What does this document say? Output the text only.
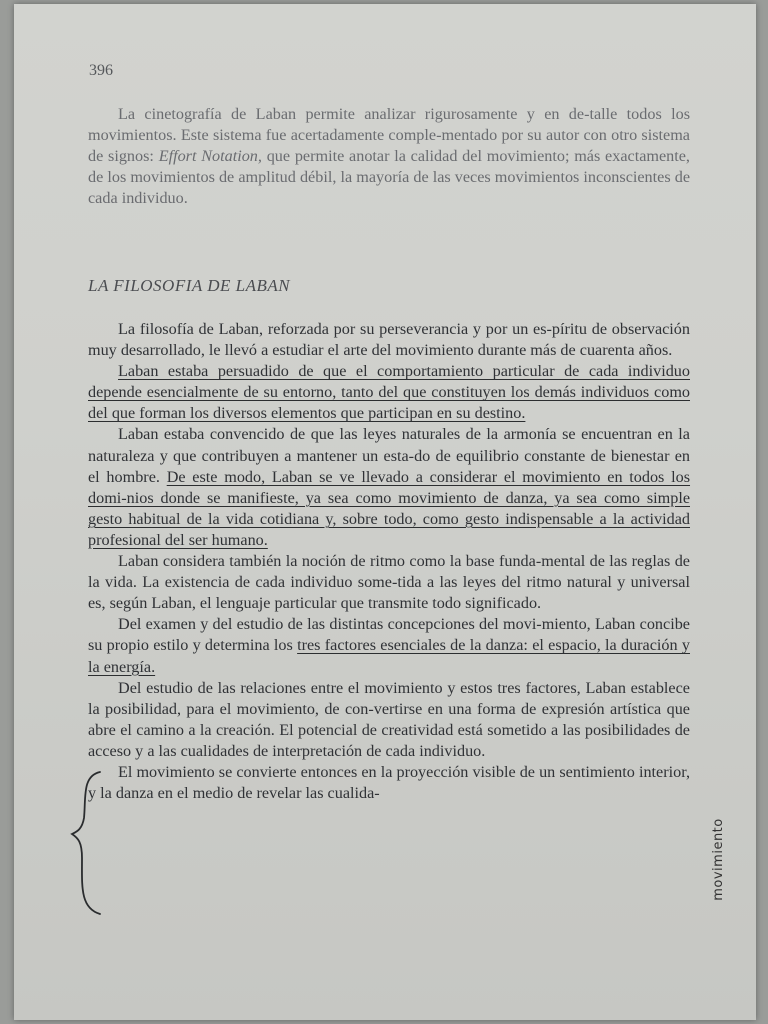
396

La cinetografía de Laban permite analizar rigurosamente y en de-talle todos los movimientos. Este sistema fue acertadamente comple-mentado por su autor con otro sistema de signos: Effort Notation, que permite anotar la calidad del movimiento; más exactamente, de los movimientos de amplitud débil, la mayoría de las veces movimientos inconscientes de cada individuo.

LA FILOSOFIA DE LABAN

La filosofía de Laban, reforzada por su perseverancia y por un es-píritu de observación muy desarrollado, le llevó a estudiar el arte del movimiento durante más de cuarenta años.

Laban estaba persuadido de que el comportamiento particular de cada individuo depende esencialmente de su entorno, tanto del que constituyen los demás individuos como del que forman los diversos elementos que participan en su destino.

Laban estaba convencido de que las leyes naturales de la armonía se encuentran en la naturaleza y que contribuyen a mantener un esta-do de equilibrio constante de bienestar en el hombre. De este modo, Laban se ve llevado a considerar el movimiento en todos los domi-nios donde se manifieste, ya sea como movimiento de danza, ya sea como simple gesto habitual de la vida cotidiana y, sobre todo, como gesto indispensable a la actividad profesional del ser humano.

Laban considera también la noción de ritmo como la base funda-mental de las reglas de la vida. La existencia de cada individuo some-tida a las leyes del ritmo natural y universal es, según Laban, el lenguaje particular que transmite todo significado.

Del examen y del estudio de las distintas concepciones del movi-miento, Laban concibe su propio estilo y determina los tres factores esenciales de la danza: el espacio, la duración y la energía.

Del estudio de las relaciones entre el movimiento y estos tres factores, Laban establece la posibilidad, para el movimiento, de con-vertirse en una forma de expresión artística que abre el camino a la creación. El potencial de creatividad está sometido a las posibilidades de acceso y a las cualidades de interpretación de cada individuo.

El movimiento se convierte entonces en la proyección visible de un sentimiento interior, y la danza en el medio de revelar las cualida-

movimiento
